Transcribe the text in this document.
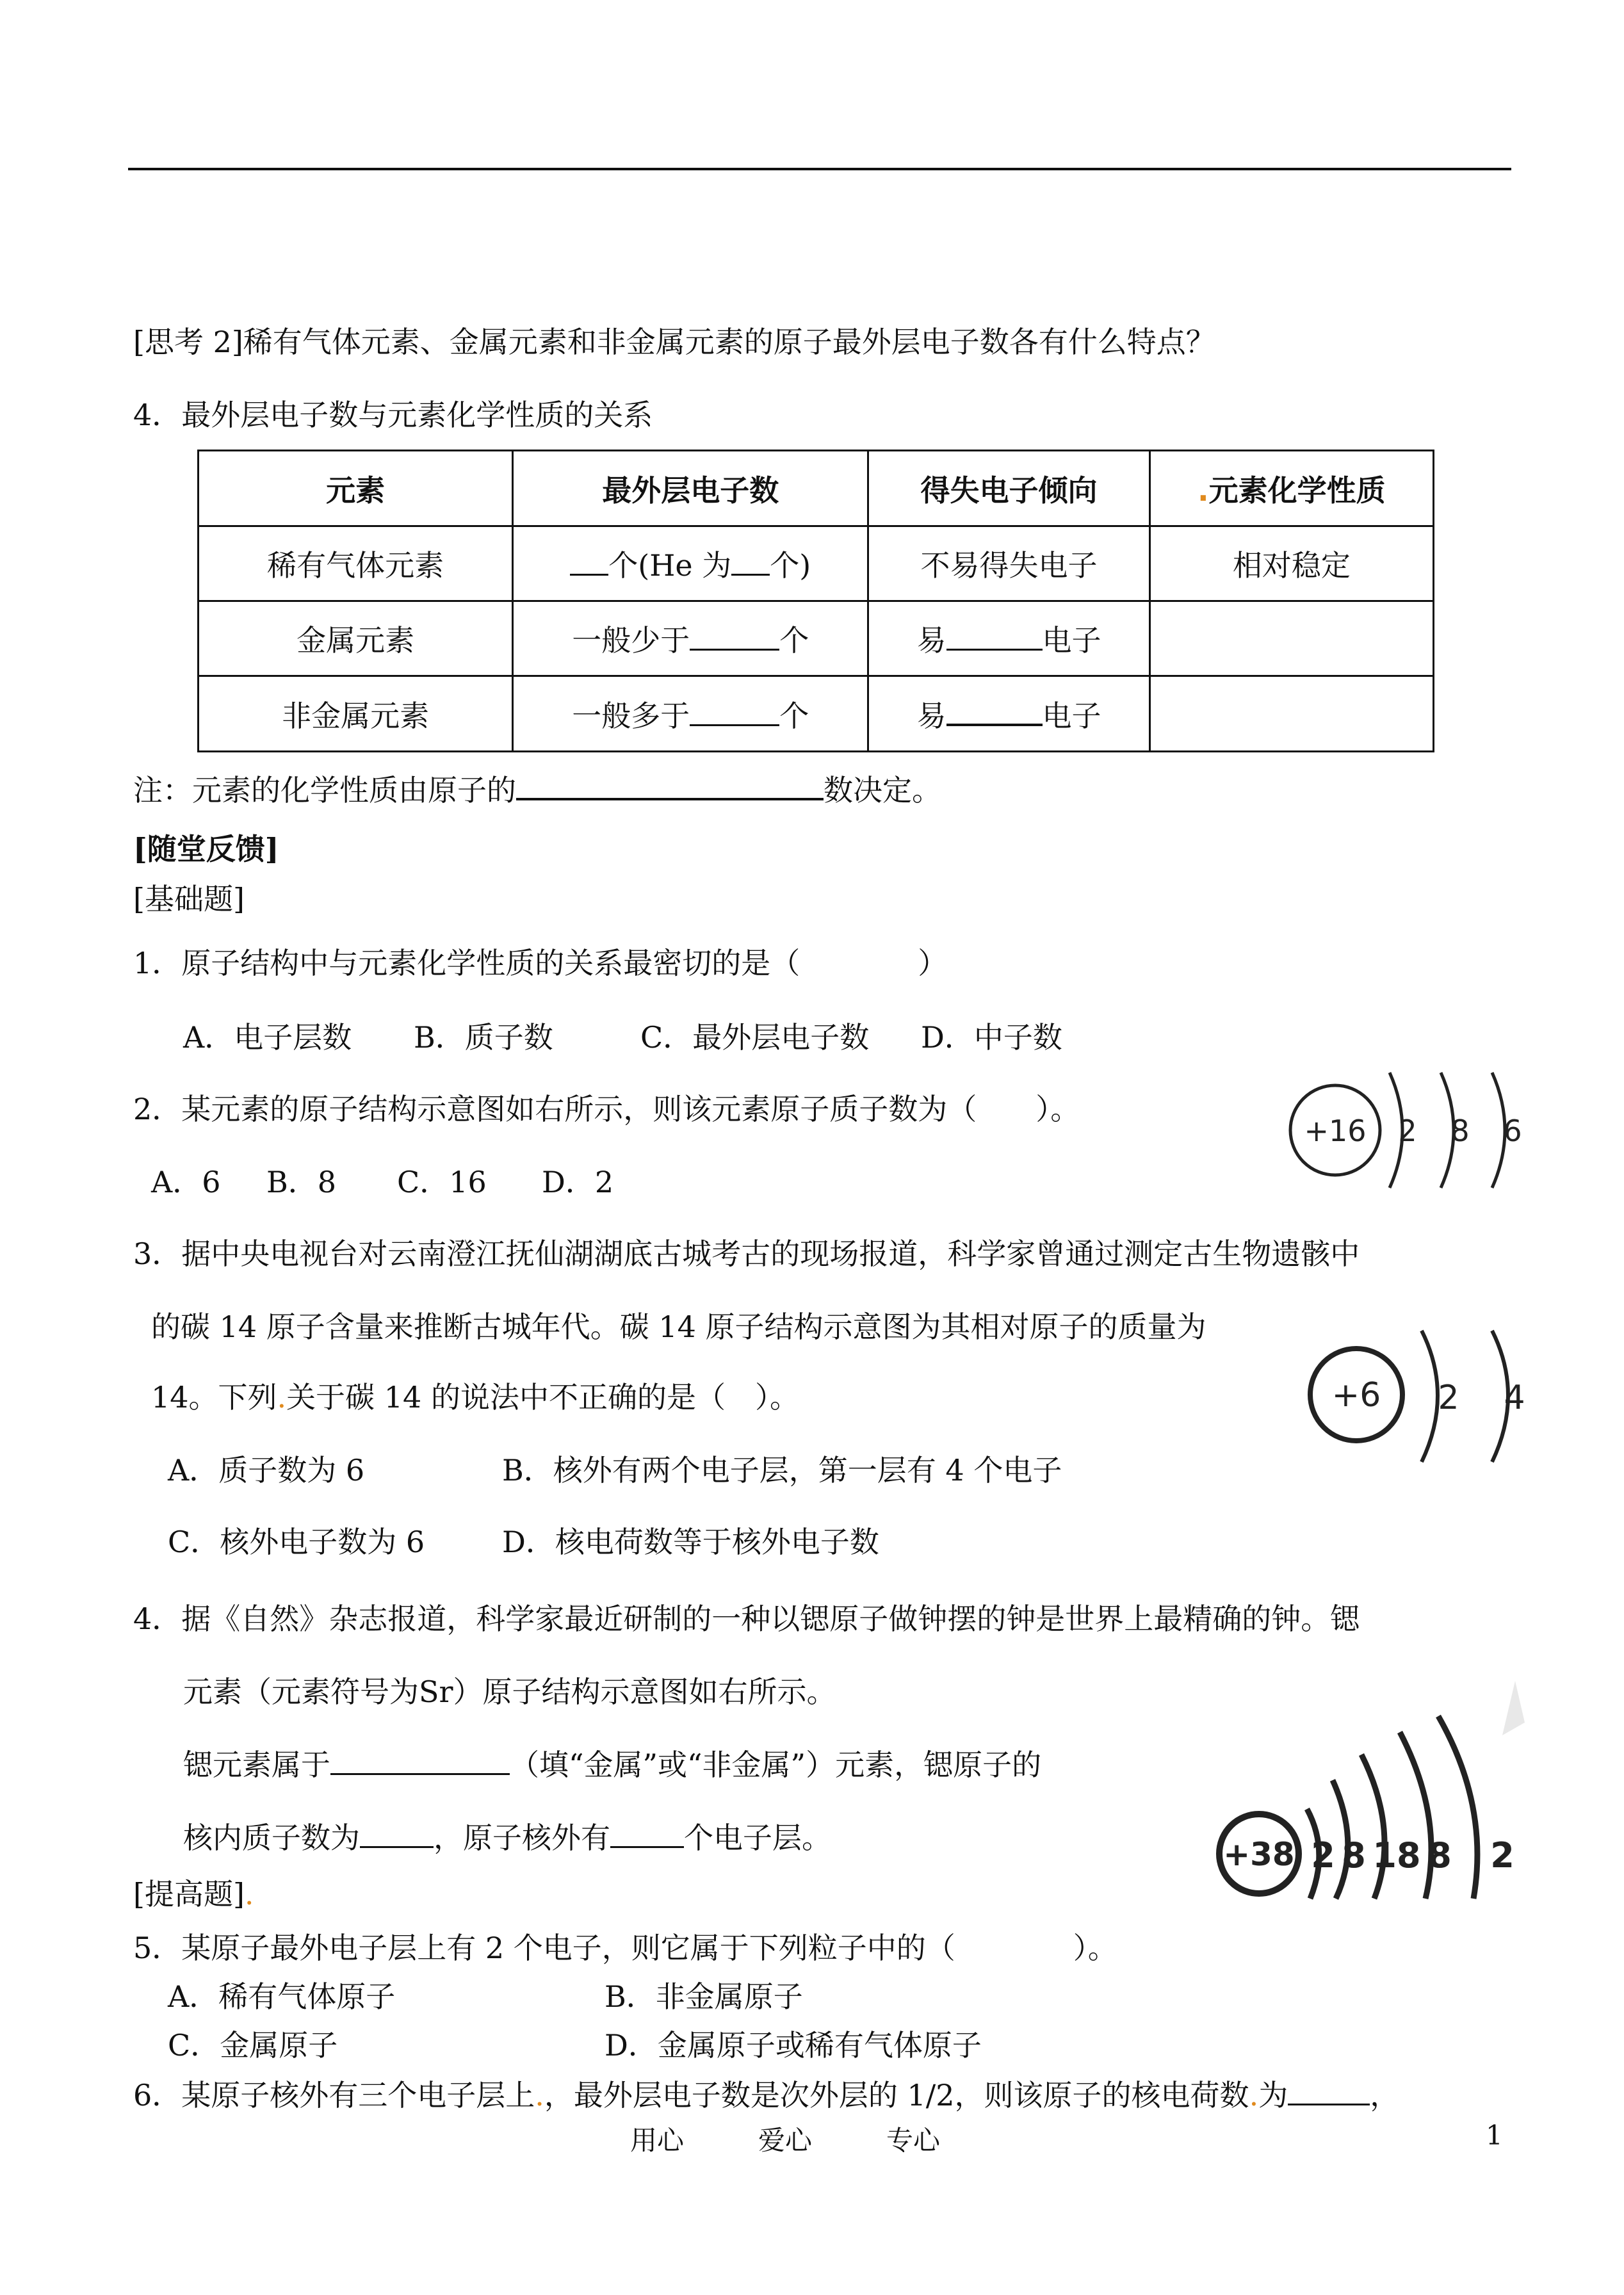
[思考 2]稀有气体元素、金属元素和非金属元素的原子最外层电子数各有什么特点？
4．最外层电子数与元素化学性质的关系
元素	最外层电子数	得失电子倾向	.元素化学性质
稀有气体元素	个(He 为 个)	不易得失电子	相对稳定
金属元素	一般少于 个	易 电子	
非金属元素	一般多于 个	易 电子	
注：元素的化学性质由原子的	数决定。
[随堂反馈]
[基础题]
1．原子结构中与元素化学性质的关系最密切的是（　　　　）
A．电子层数 B．质子数	C．最外层电子数 D．中子数
2．某元素的原子结构示意图如右所示，则该元素原子质子数为（　　）。
A．6 B．8 C．16 D．2
+16 2 8 6
3．据中央电视台对云南澄江抚仙湖湖底古城考古的现场报道，科学家曾通过测定古生物遗骸中
的碳 14 原子含量来推断古城年代。碳 14 原子结构示意图为其相对原子的质量为
14。下列.关于碳 14 的说法中不正确的是（　）。
A．质子数为 6	B．核外有两个电子层，第一层有 4 个电子
C．核外电子数为 6	D．核电荷数等于核外电子数
+6 2 4
4．据《自然》杂志报道，科学家最近研制的一种以锶原子做钟摆的钟是世界上最精确的钟。锶
元素（元素符号为Sr）原子结构示意图如右所示。
锶元素属于	（填“金属”或“非金属”）元素，锶原子的
核内质子数为	，原子核外有	个电子层。	+38 2 8 18 8 2
[提高题].
5．某原子最外电子层上有 2 个电子，则它属于下列粒子中的（　　　　）。
A．稀有气体原子	B．非金属原子
C．金属原子	D．金属原子或稀有气体原子
6．某原子核外有三个电子层上.，最外层电子数是次外层的 1/2，则该原子的核电荷数.为	，
用心	爱心	专心	1
